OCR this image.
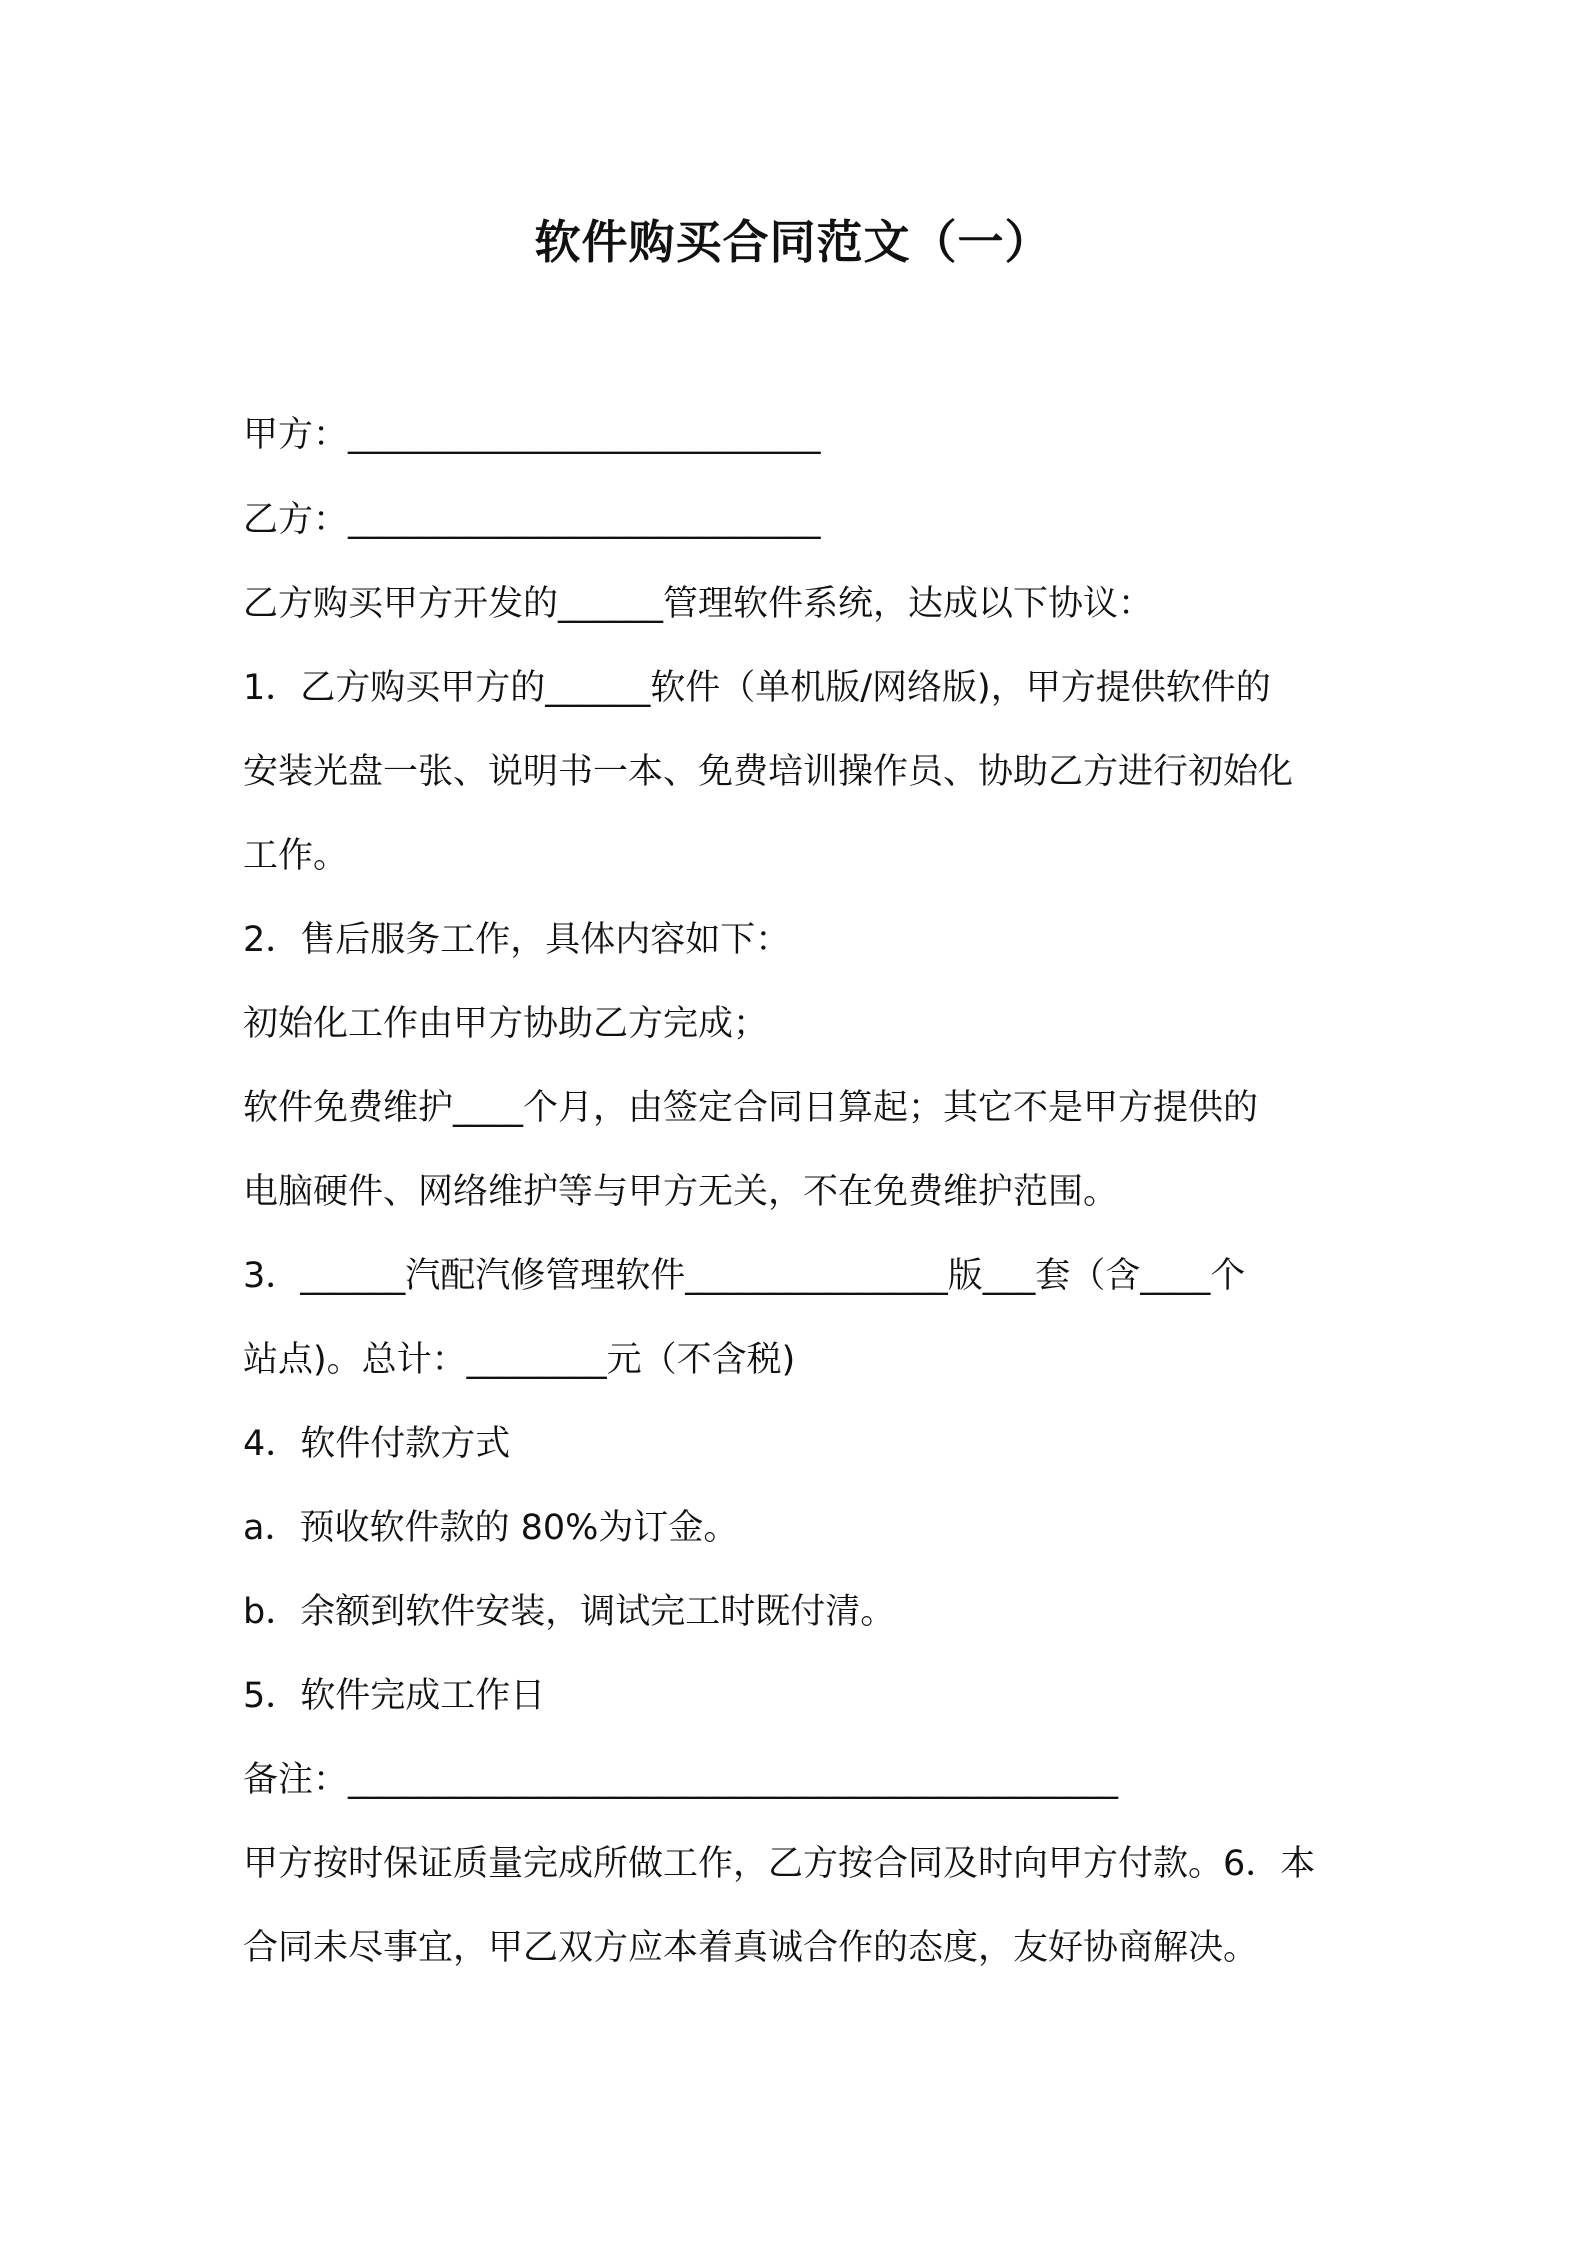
软件购买合同范文（一）
甲方：___________________________
乙方：___________________________
乙方购买甲方开发的______管理软件系统，达成以下协议：
1．乙方购买甲方的______软件（单机版/网络版)，甲方提供软件的
安装光盘一张、说明书一本、免费培训操作员、协助乙方进行初始化
工作。
2．售后服务工作，具体内容如下：
初始化工作由甲方协助乙方完成；
软件免费维护____个月，由签定合同日算起；其它不是甲方提供的
电脑硬件、网络维护等与甲方无关，不在免费维护范围。
3．______汽配汽修管理软件_______________版___套（含____个
站点)。总计：________元（不含税)
4．软件付款方式
a．预收软件款的 80%为订金。
b．余额到软件安装，调试完工时既付清。
5．软件完成工作日
备注：____________________________________________
甲方按时保证质量完成所做工作，乙方按合同及时向甲方付款。6．本
合同未尽事宜，甲乙双方应本着真诚合作的态度，友好协商解决。
